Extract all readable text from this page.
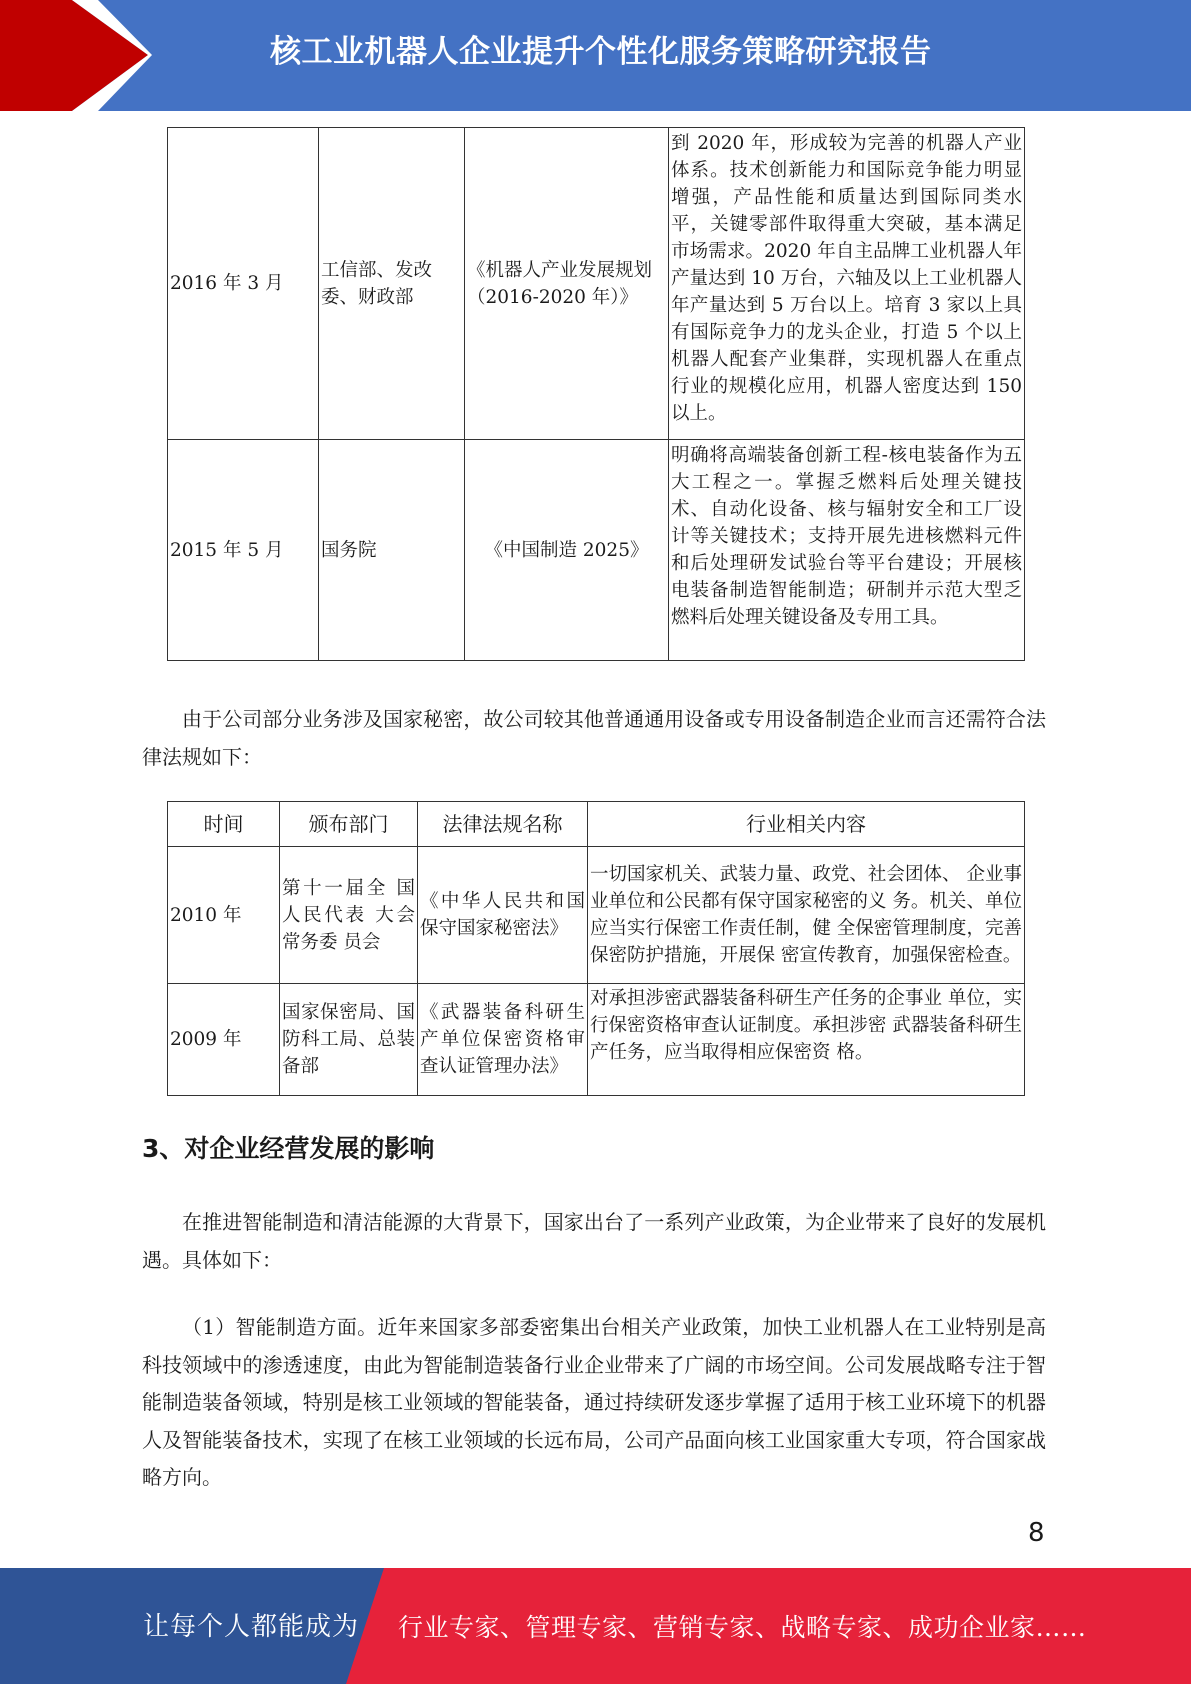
核工业机器人企业提升个性化服务策略研究报告
2016 年 3 月	工信部、发改委、财政部	《机器人产业发展规划（2016-2020 年）》	到 2020 年，形成较为完善的机器人产业体系。技术创新能力和国际竞争能力明显增强，产品性能和质量达到国际同类水平，关键零部件取得重大突破，基本满足市场需求。2020 年自主品牌工业机器人年产量达到 10 万台，六轴及以上工业机器人年产量达到 5 万台以上。培育 3 家以上具有国际竞争力的龙头企业，打造 5 个以上机器人配套产业集群，实现机器人在重点行业的规模化应用，机器人密度达到 150 以上。
2015 年 5 月	国务院	《中国制造 2025》	明确将高端装备创新工程-核电装备作为五大工程之一。掌握乏燃料后处理关键技术、自动化设备、核与辐射安全和工厂设计等关键技术；支持开展先进核燃料元件和后处理研发试验台等平台建设；开展核电装备制造智能制造；研制并示范大型乏燃料后处理关键设备及专用工具。

由于公司部分业务涉及国家秘密，故公司较其他普通通用设备或专用设备制造企业而言还需符合法律法规如下：

时间	颁布部门	法律法规名称	行业相关内容
2010 年	第十一届全 国人民代表 大会常务委 员会	《中华人民共和国保守国家秘密法》	一切国家机关、武装力量、政党、社会团体、 企业事业单位和公民都有保守国家秘密的义 务。机关、单位应当实行保密工作责任制，健 全保密管理制度，完善保密防护措施，开展保 密宣传教育，加强保密检查。
2009 年	国家保密局、国防科工局、总装备部	《武器装备科研生产单位保密资格审查认证管理办法》	对承担涉密武器装备科研生产任务的企事业 单位，实行保密资格审查认证制度。承担涉密 武器装备科研生产任务，应当取得相应保密资 格。
3、对企业经营发展的影响

在推进智能制造和清洁能源的大背景下，国家出台了一系列产业政策，为企业带来了良好的发展机遇。具体如下：

（1）智能制造方面。近年来国家多部委密集出台相关产业政策，加快工业机器人在工业特别是高科技领域中的渗透速度，由此为智能制造装备行业企业带来了广阔的市场空间。公司发展战略专注于智能制造装备领域，特别是核工业领域的智能装备，通过持续研发逐步掌握了适用于核工业环境下的机器人及智能装备技术，实现了在核工业领域的长远布局，公司产品面向核工业国家重大专项，符合国家战略方向。

8
让每个人都能成为 行业专家、管理专家、营销专家、战略专家、成功企业家……
